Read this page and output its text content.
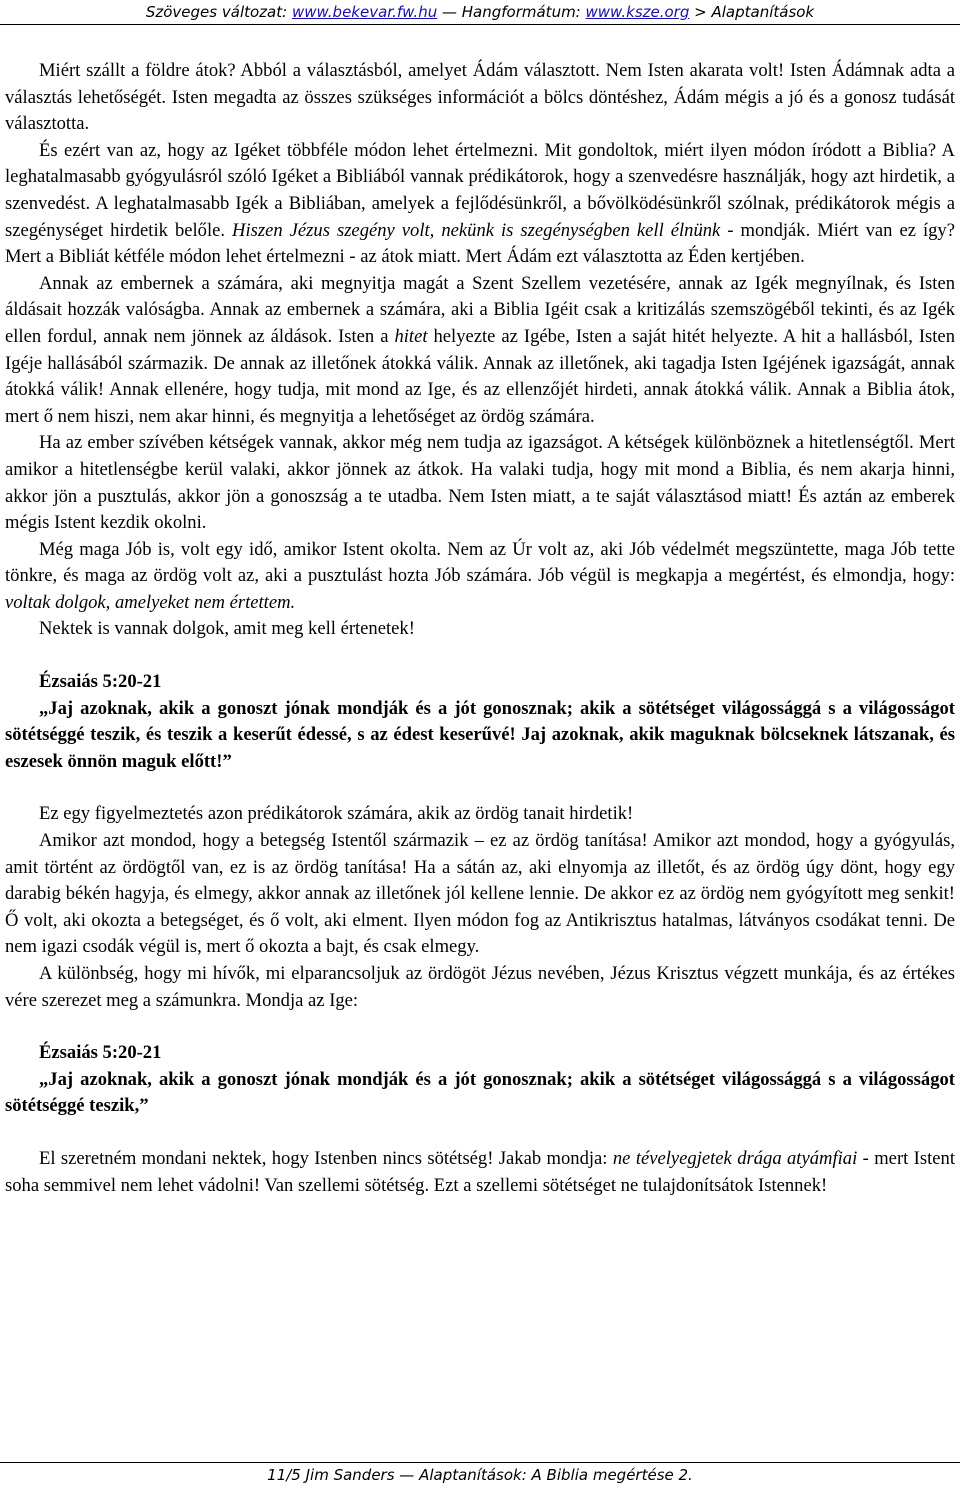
Szöveges változat: www.bekevar.fw.hu — Hangformátum: www.ksze.org > Alaptanítások

Miért szállt a földre átok? Abból a választásból, amelyet Ádám választott. Nem Isten akarata volt! Isten Ádámnak adta a választás lehetőségét. Isten megadta az összes szükséges információt a bölcs döntéshez, Ádám mégis a jó és a gonosz tudását választotta.

És ezért van az, hogy az Igéket többféle módon lehet értelmezni. Mit gondoltok, miért ilyen módon íródott a Biblia? A leghatalmasabb gyógyulásról szóló Igéket a Bibliából vannak prédikátorok, hogy a szenvedésre használják, hogy azt hirdetik, a szenvedést. A leghatalmasabb Igék a Bibliában, amelyek a fejlődésünkről, a bővölködésünkről szólnak, prédikátorok mégis a szegénységet hirdetik belőle. Hiszen Jézus szegény volt, nekünk is szegénységben kell élnünk - mondják. Miért van ez így? Mert a Bibliát kétféle módon lehet értelmezni - az átok miatt. Mert Ádám ezt választotta az Éden kertjében.

Annak az embernek a számára, aki megnyitja magát a Szent Szellem vezetésére, annak az Igék megnyílnak, és Isten áldásait hozzák valóságba. Annak az embernek a számára, aki a Biblia Igéit csak a kritizálás szemszögéből tekinti, és az Igék ellen fordul, annak nem jönnek az áldások. Isten a hitet helyezte az Igébe, Isten a saját hitét helyezte. A hit a hallásból, Isten Igéje hallásából származik. De annak az illetőnek átokká válik. Annak az illetőnek, aki tagadja Isten Igéjének igazságát, annak átokká válik! Annak ellenére, hogy tudja, mit mond az Ige, és az ellenzőjét hirdeti, annak átokká válik. Annak a Biblia átok, mert ő nem hiszi, nem akar hinni, és megnyitja a lehetőséget az ördög számára.

Ha az ember szívében kétségek vannak, akkor még nem tudja az igazságot. A kétségek különböznek a hitetlenségtől. Mert amikor a hitetlenségbe kerül valaki, akkor jönnek az átkok. Ha valaki tudja, hogy mit mond a Biblia, és nem akarja hinni, akkor jön a pusztulás, akkor jön a gonoszság a te utadba. Nem Isten miatt, a te saját választásod miatt! És aztán az emberek mégis Istent kezdik okolni.

Még maga Jób is, volt egy idő, amikor Istent okolta. Nem az Úr volt az, aki Jób védelmét megszüntette, maga Jób tette tönkre, és maga az ördög volt az, aki a pusztulást hozta Jób számára. Jób végül is megkapja a megértést, és elmondja, hogy: voltak dolgok, amelyeket nem értettem.

Nektek is vannak dolgok, amit meg kell értenetek!

Ézsaiás 5:20-21

„Jaj azoknak, akik a gonoszt jónak mondják és a jót gonosznak; akik a sötétséget világossággá s a világosságot sötétséggé teszik, és teszik a keserűt édessé, s az édest keserűvé! Jaj azoknak, akik maguknak bölcseknek látszanak, és eszesek önnön maguk előtt!”

Ez egy figyelmeztetés azon prédikátorok számára, akik az ördög tanait hirdetik!

Amikor azt mondod, hogy a betegség Istentől származik – ez az ördög tanítása! Amikor azt mondod, hogy a gyógyulás, amit történt az ördögtől van, ez is az ördög tanítása! Ha a sátán az, aki elnyomja az illetőt, és az ördög úgy dönt, hogy egy darabig békén hagyja, és elmegy, akkor annak az illetőnek jól kellene lennie. De akkor ez az ördög nem gyógyított meg senkit! Ő volt, aki okozta a betegséget, és ő volt, aki elment. Ilyen módon fog az Antikrisztus hatalmas, látványos csodákat tenni. De nem igazi csodák végül is, mert ő okozta a bajt, és csak elmegy.

A különbség, hogy mi hívők, mi elparancsoljuk az ördögöt Jézus nevében, Jézus Krisztus végzett munkája, és az értékes vére szerezet meg a számunkra. Mondja az Ige:

Ézsaiás 5:20-21

„Jaj azoknak, akik a gonoszt jónak mondják és a jót gonosznak; akik a sötétséget világossággá s a világosságot sötétséggé teszik,”

El szeretném mondani nektek, hogy Istenben nincs sötétség! Jakab mondja: ne tévelyegjetek drága atyámfiai - mert Istent soha semmivel nem lehet vádolni! Van szellemi sötétség. Ezt a szellemi sötétséget ne tulajdonítsátok Istennek!

11/5 Jim Sanders — Alaptanítások: A Biblia megértése 2.
